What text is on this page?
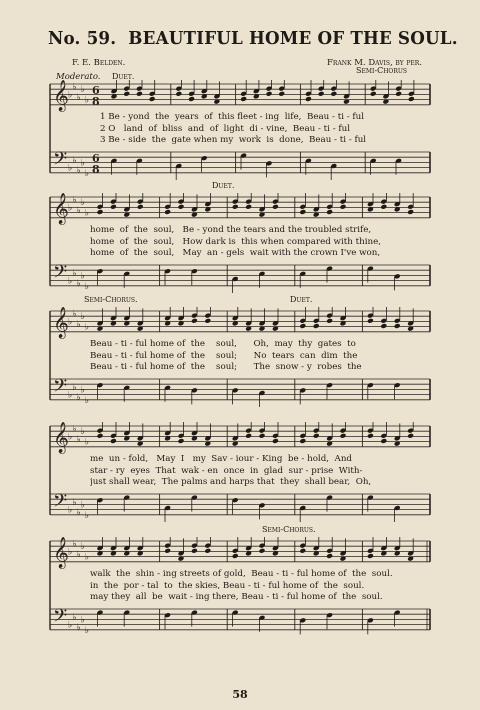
No. 59. BEAUTIFUL HOME OF THE SOUL.
F. E. Belden.	Frank M. Davis, by per.
Moderato. Duet.
Semi-Chorus
𝄞
𝄢
♭
♭
♭
♭
♭
♭
♭
♭
♭
♭
6
8
6
8
1 Be - yond  the  years  of  this fleet - ing  life,  Beau - ti - ful
2 O   land  of  bliss  and  of  light  di - vine,  Beau - ti - ful
3 Be - side  the  gate when my  work  is  done,  Beau - ti - ful
𝄞
𝄢
♭
♭
♭
♭
♭
♭
♭
♭
♭
♭
Duet.
home  of  the  soul,   Be - yond the tears and the troubled strife,
home  of  the  soul,   How dark is  this when compared with thine,
home  of  the  soul,   May  an - gels  wait with the crown I've won,
𝄞
𝄢
♭
♭
♭
♭
♭
♭
♭
♭
♭
♭
Semi-Chorus.	Duet.
Beau - ti - ful home of  the    soul,      Oh,  may  thy  gates  to
Beau - ti - ful home of  the    soul;      No  tears  can  dim  the
Beau - ti - ful home of  the    soul;      The  snow - y  robes  the
𝄞
𝄢
♭
♭
♭
♭
♭
♭
♭
♭
♭
♭
me  un - fold,   May  I   my  Sav - iour - King  be - hold,  And
star - ry  eyes  That  wak - en  once  in  glad  sur - prise  With-
just shall wear,  The palms and harps that  they  shall bear,  Oh,
𝄞
𝄢
♭
♭
♭
♭
♭
♭
♭
♭
♭
♭
Semi-Chorus.
walk  the  shin - ing streets of gold,  Beau - ti - ful home of  the  soul.
in  the  por - tal  to  the skies, Beau - ti - ful home of  the  soul.
may they  all  be  wait - ing there, Beau - ti - ful home of  the  soul.
58
